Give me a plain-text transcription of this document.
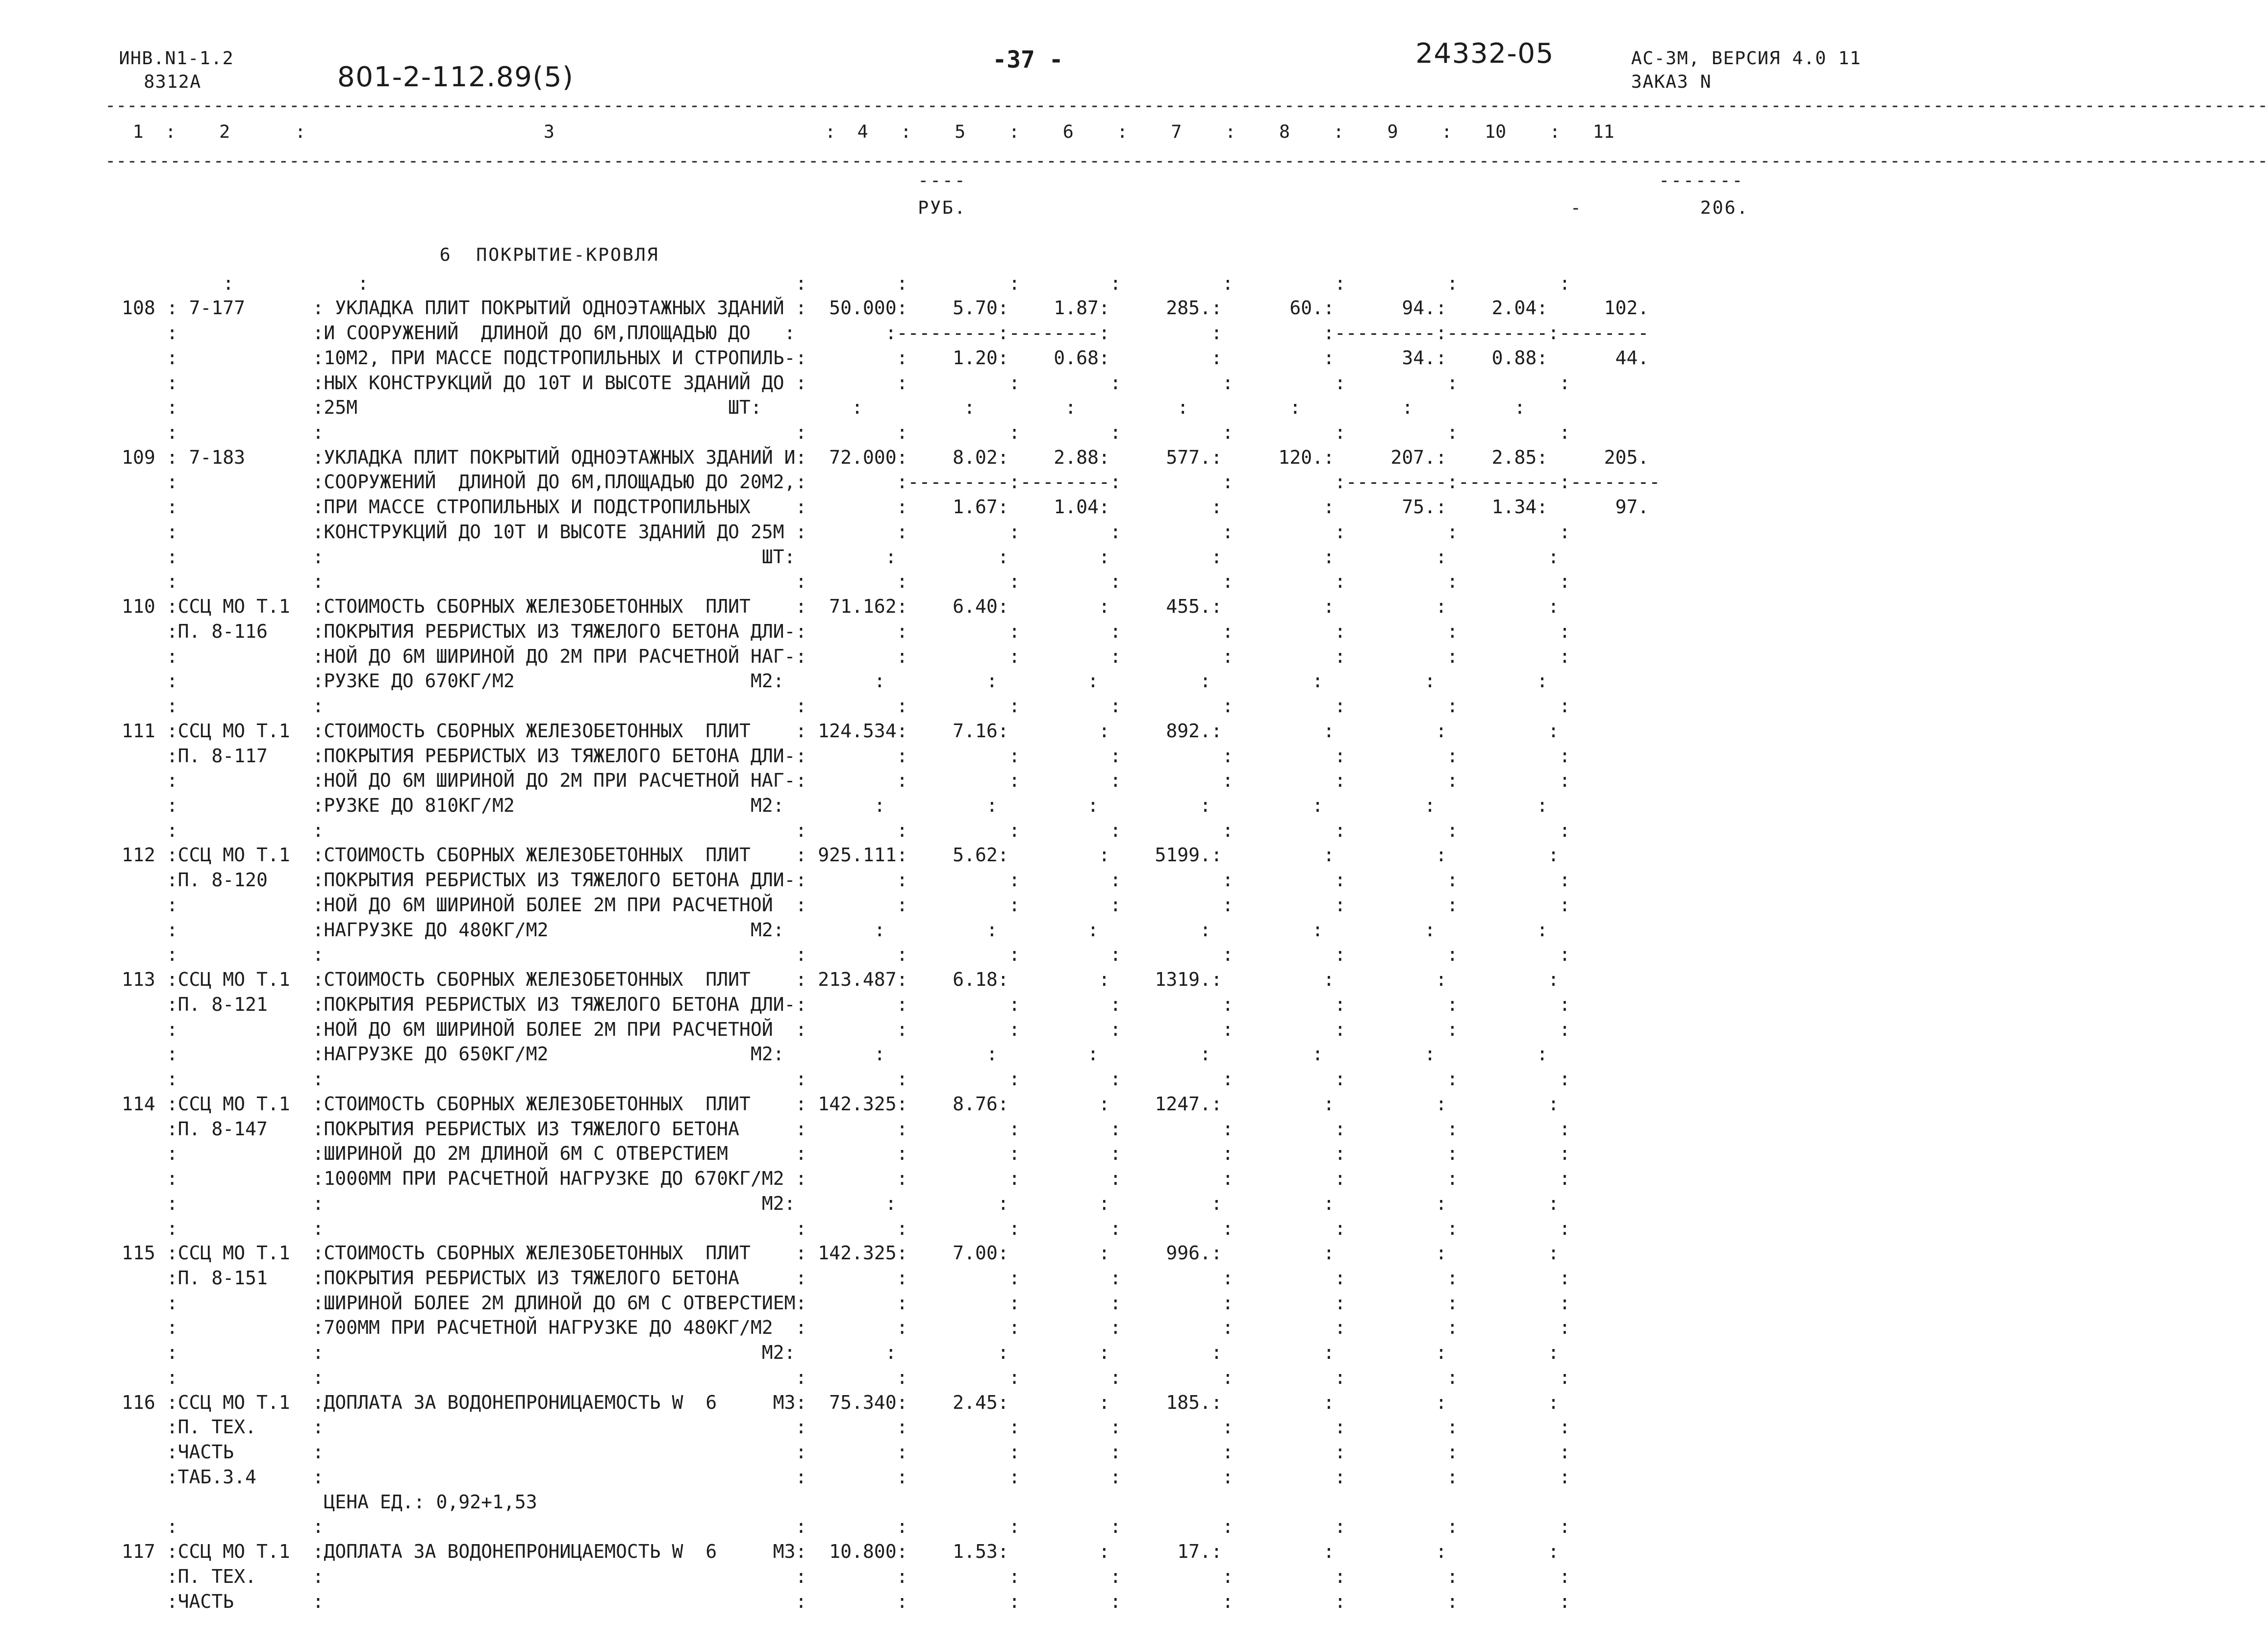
ИНВ.N1-1.2
8312А	801-2-112.89(5)
-37 -	24332-05	АС-3М, ВЕРСИЯ 4.0 11
ЗАКАЗ N
--------------------------------------------------------------------------------------------------------------------------------------------------------------------------------------------------------
1  :    2      :                      3                         :  4   :    5    :    6    :    7    :    8    :    9    :   10    :   11
--------------------------------------------------------------------------------------------------------------------------------------------------------------------------------------------------------
----
РУБ.	-
-------
206.
6  ПОКРЫТИЕ-КРОВЛЯ
:           :                                      :        :         :        :         :         :         :         :
108 : 7-177      : УКЛАДКА ПЛИТ ПОКРЫТИЙ ОДНОЭТАЖНЫХ ЗДАНИЙ :  50.000:    5.70:    1.87:     285.:      60.:      94.:    2.04:     102.
:            :И СООРУЖЕНИЙ  ДЛИНОЙ ДО 6М,ПЛОЩАДЬЮ ДО   :        :---------:--------:         :         :---------:---------:--------
:            :10М2, ПРИ МАССЕ ПОДСТРОПИЛЬНЫХ И СТРОПИЛЬ-:        :    1.20:    0.68:         :         :      34.:    0.88:      44.
:            :НЫХ КОНСТРУКЦИЙ ДО 10Т И ВЫСОТЕ ЗДАНИЙ ДО :        :         :        :         :         :         :         :
:            :25М                                 ШТ:        :         :        :         :         :         :         :
:            :                                          :        :         :        :         :         :         :         :
109 : 7-183      :УКЛАДКА ПЛИТ ПОКРЫТИЙ ОДНОЭТАЖНЫХ ЗДАНИЙ И:  72.000:    8.02:    2.88:     577.:     120.:     207.:    2.85:     205.
:            :СООРУЖЕНИЙ  ДЛИНОЙ ДО 6М,ПЛОЩАДЬЮ ДО 20М2,:        :---------:--------:         :         :---------:---------:--------
:            :ПРИ МАССЕ СТРОПИЛЬНЫХ И ПОДСТРОПИЛЬНЫХ    :        :    1.67:    1.04:         :         :      75.:    1.34:      97.
:            :КОНСТРУКЦИЙ ДО 10Т И ВЫСОТЕ ЗДАНИЙ ДО 25М :        :         :        :         :         :         :         :
:            :                                       ШТ:        :         :        :         :         :         :         :
:            :                                          :        :         :        :         :         :         :         :
110 :ССЦ МО Т.1  :СТОИМОСТЬ СБОРНЫХ ЖЕЛЕЗОБЕТОННЫХ  ПЛИТ    :  71.162:    6.40:        :     455.:         :         :         :
:П. 8-116    :ПОКРЫТИЯ РЕБРИСТЫХ ИЗ ТЯЖЕЛОГО БЕТОНА ДЛИ-:        :         :        :         :         :         :         :
:            :НОЙ ДО 6М ШИРИНОЙ ДО 2М ПРИ РАСЧЕТНОЙ НАГ-:        :         :        :         :         :         :         :
:            :РУЗКЕ ДО 670КГ/М2                     М2:        :         :        :         :         :         :         :
:            :                                          :        :         :        :         :         :         :         :
111 :ССЦ МО Т.1  :СТОИМОСТЬ СБОРНЫХ ЖЕЛЕЗОБЕТОННЫХ  ПЛИТ    : 124.534:    7.16:        :     892.:         :         :         :
:П. 8-117    :ПОКРЫТИЯ РЕБРИСТЫХ ИЗ ТЯЖЕЛОГО БЕТОНА ДЛИ-:        :         :        :         :         :         :         :
:            :НОЙ ДО 6М ШИРИНОЙ ДО 2М ПРИ РАСЧЕТНОЙ НАГ-:        :         :        :         :         :         :         :
:            :РУЗКЕ ДО 810КГ/М2                     М2:        :         :        :         :         :         :         :
:            :                                          :        :         :        :         :         :         :         :
112 :ССЦ МО Т.1  :СТОИМОСТЬ СБОРНЫХ ЖЕЛЕЗОБЕТОННЫХ  ПЛИТ    : 925.111:    5.62:        :    5199.:         :         :         :
:П. 8-120    :ПОКРЫТИЯ РЕБРИСТЫХ ИЗ ТЯЖЕЛОГО БЕТОНА ДЛИ-:        :         :        :         :         :         :         :
:            :НОЙ ДО 6М ШИРИНОЙ БОЛЕЕ 2М ПРИ РАСЧЕТНОЙ  :        :         :        :         :         :         :         :
:            :НАГРУЗКЕ ДО 480КГ/М2                  М2:        :         :        :         :         :         :         :
:            :                                          :        :         :        :         :         :         :         :
113 :ССЦ МО Т.1  :СТОИМОСТЬ СБОРНЫХ ЖЕЛЕЗОБЕТОННЫХ  ПЛИТ    : 213.487:    6.18:        :    1319.:         :         :         :
:П. 8-121    :ПОКРЫТИЯ РЕБРИСТЫХ ИЗ ТЯЖЕЛОГО БЕТОНА ДЛИ-:        :         :        :         :         :         :         :
:            :НОЙ ДО 6М ШИРИНОЙ БОЛЕЕ 2М ПРИ РАСЧЕТНОЙ  :        :         :        :         :         :         :         :
:            :НАГРУЗКЕ ДО 650КГ/М2                  М2:        :         :        :         :         :         :         :
:            :                                          :        :         :        :         :         :         :         :
114 :ССЦ МО Т.1  :СТОИМОСТЬ СБОРНЫХ ЖЕЛЕЗОБЕТОННЫХ  ПЛИТ    : 142.325:    8.76:        :    1247.:         :         :         :
:П. 8-147    :ПОКРЫТИЯ РЕБРИСТЫХ ИЗ ТЯЖЕЛОГО БЕТОНА     :        :         :        :         :         :         :         :
:            :ШИРИНОЙ ДО 2М ДЛИНОЙ 6М С ОТВЕРСТИЕМ      :        :         :        :         :         :         :         :
:            :1000ММ ПРИ РАСЧЕТНОЙ НАГРУЗКЕ ДО 670КГ/М2 :        :         :        :         :         :         :         :
:            :                                       М2:        :         :        :         :         :         :         :
:            :                                          :        :         :        :         :         :         :         :
115 :ССЦ МО Т.1  :СТОИМОСТЬ СБОРНЫХ ЖЕЛЕЗОБЕТОННЫХ  ПЛИТ    : 142.325:    7.00:        :     996.:         :         :         :
:П. 8-151    :ПОКРЫТИЯ РЕБРИСТЫХ ИЗ ТЯЖЕЛОГО БЕТОНА     :        :         :        :         :         :         :         :
:            :ШИРИНОЙ БОЛЕЕ 2М ДЛИНОЙ ДО 6М С ОТВЕРСТИЕМ:        :         :        :         :         :         :         :
:            :700ММ ПРИ РАСЧЕТНОЙ НАГРУЗКЕ ДО 480КГ/М2  :        :         :        :         :         :         :         :
:            :                                       М2:        :         :        :         :         :         :         :
:            :                                          :        :         :        :         :         :         :         :
116 :ССЦ МО Т.1  :ДОПЛАТА ЗА ВОДОНЕПРОНИЦАЕМОСТЬ W  6     М3:  75.340:    2.45:        :     185.:         :         :         :
:П. ТЕХ.     :                                          :        :         :        :         :         :         :         :
:ЧАСТЬ       :                                          :        :         :        :         :         :         :         :
:ТАБ.3.4     :                                          :        :         :        :         :         :         :         :
ЦЕНА ЕД.: 0,92+1,53
:            :                                          :        :         :        :         :         :         :         :
117 :ССЦ МО Т.1  :ДОПЛАТА ЗА ВОДОНЕПРОНИЦАЕМОСТЬ W  6     М3:  10.800:    1.53:        :      17.:         :         :         :
:П. ТЕХ.     :                                          :        :         :        :         :         :         :         :
:ЧАСТЬ       :                                          :        :         :        :         :         :         :         :
